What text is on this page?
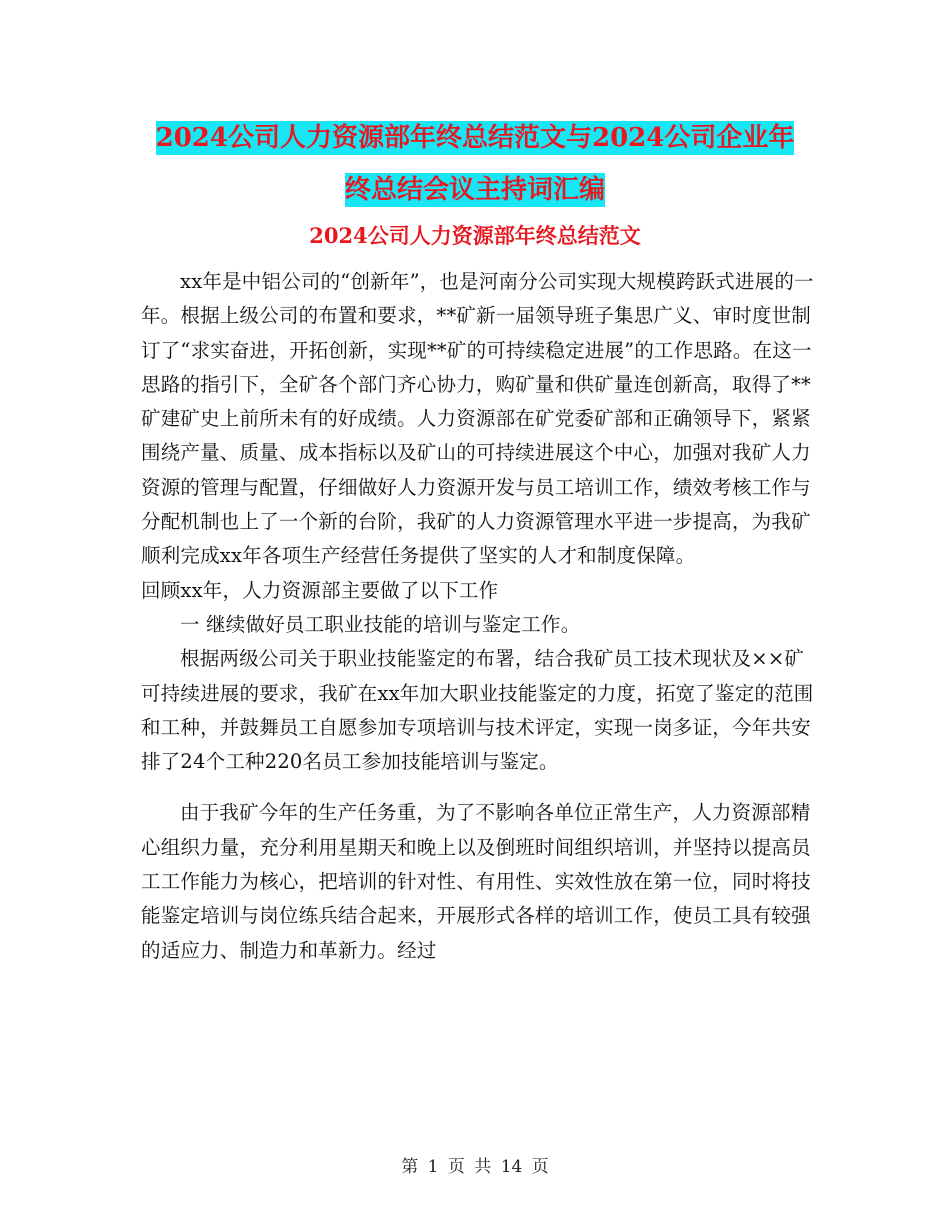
2024公司人力资源部年终总结范文与2024公司企业年
终总结会议主持词汇编
2024公司人力资源部年终总结范文

xx年是中铝公司的“创新年”，也是河南分公司实现大规模跨跃式进展的一年。根据上级公司的布置和要求，**矿新一届领导班子集思广义、审时度世制订了“求实奋进，开拓创新，实现**矿的可持续稳定进展”的工作思路。在这一思路的指引下，全矿各个部门齐心协力，购矿量和供矿量连创新高，取得了**矿建矿史上前所未有的好成绩。人力资源部在矿党委矿部和正确领导下，紧紧围绕产量、质量、成本指标以及矿山的可持续进展这个中心，加强对我矿人力资源的管理与配置，仔细做好人力资源开发与员工培训工作，绩效考核工作与分配机制也上了一个新的台阶，我矿的人力资源管理水平进一步提高，为我矿顺利完成xx年各项生产经营任务提供了坚实的人才和制度保障。

回顾xx年，人力资源部主要做了以下工作

一 继续做好员工职业技能的培训与鉴定工作。

根据两级公司关于职业技能鉴定的布署，结合我矿员工技术现状及××矿可持续进展的要求，我矿在xx年加大职业技能鉴定的力度，拓宽了鉴定的范围和工种，并鼓舞员工自愿参加专项培训与技术评定，实现一岗多证，今年共安排了24个工种220名员工参加技能培训与鉴定。

由于我矿今年的生产任务重，为了不影响各单位正常生产，人力资源部精心组织力量，充分利用星期天和晚上以及倒班时间组织培训，并坚持以提高员工工作能力为核心，把培训的针对性、有用性、实效性放在第一位，同时将技能鉴定培训与岗位练兵结合起来，开展形式各样的培训工作，使员工具有较强的适应力、制造力和革新力。经过

第 1 页 共 14 页
